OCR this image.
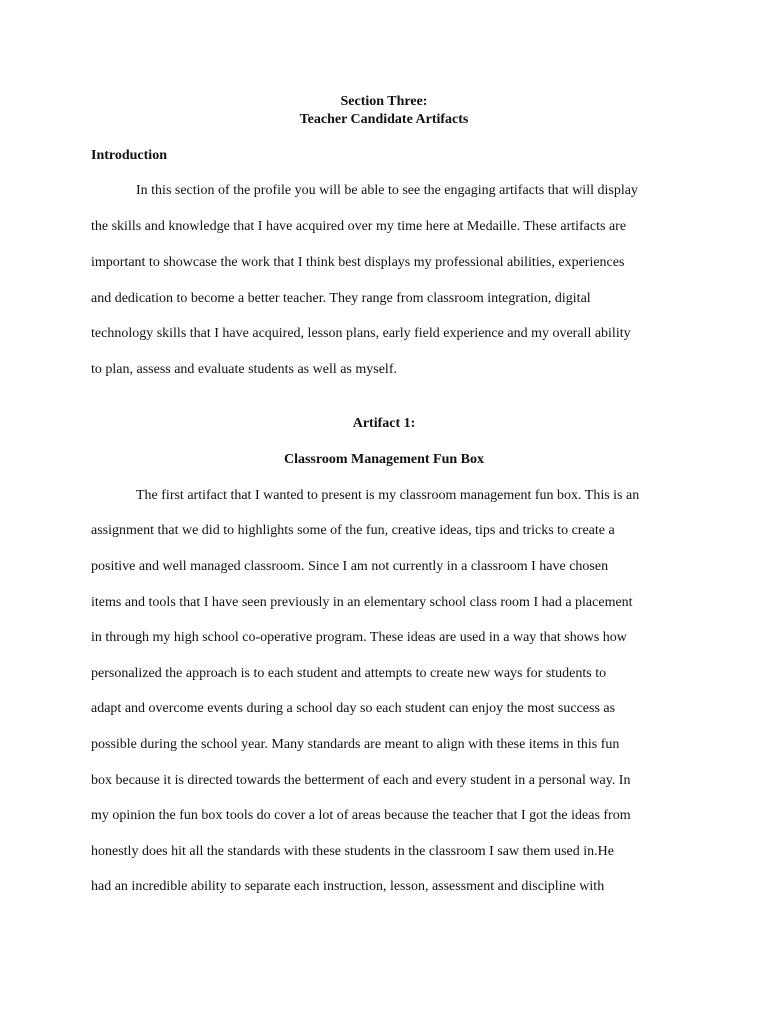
Section Three:
Teacher Candidate Artifacts
Introduction
In this section of the profile you will be able to see the engaging artifacts that will display
the skills and knowledge that I have acquired over my time here at Medaille. These artifacts are
important to showcase the work that I think best displays my professional abilities, experiences
and dedication to become a better teacher. They range from classroom integration, digital
technology skills that I have acquired, lesson plans, early field experience and my overall ability
to plan, assess and evaluate students as well as myself.
Artifact 1:
Classroom Management Fun Box
The first artifact that I wanted to present is my classroom management fun box. This is an
assignment that we did to highlights some of the fun, creative ideas, tips and tricks to create a
positive and well managed classroom. Since I am not currently in a classroom I have chosen
items and tools that I have seen previously in an elementary school class room I had a placement
in through my high school co-operative program. These ideas are used in a way that shows how
personalized the approach is to each student and attempts to create new ways for students to
adapt and overcome events during a school day so each student can enjoy the most success as
possible during the school year. Many standards are meant to align with these items in this fun
box because it is directed towards the betterment of each and every student in a personal way. In
my opinion the fun box tools do cover a lot of areas because the teacher that I got the ideas from
honestly does hit all the standards with these students in the classroom I saw them used in.He
had an incredible ability to separate each instruction, lesson, assessment and discipline with
